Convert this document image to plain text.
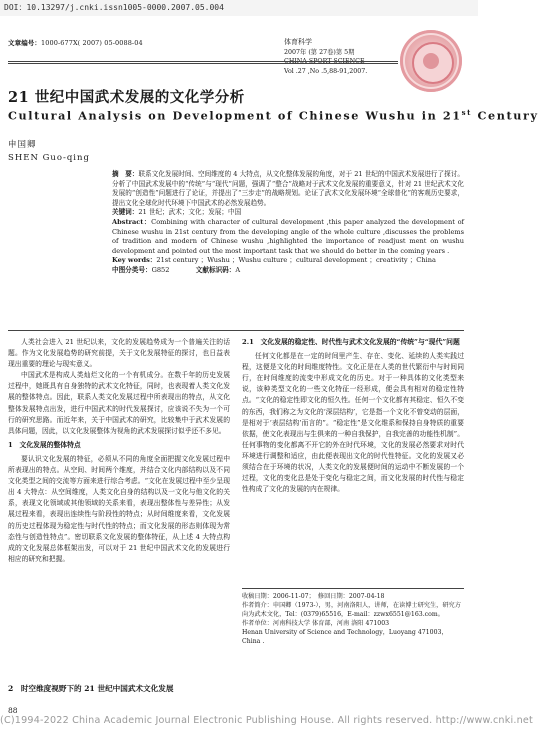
DOI：10.13297/j.cnki.issn1005-0000.2007.05.004
文章编号：1000-677X( 2007) 05-0088-04	体育科学
2007年 (第 27卷)第 5期
CHINA SPORT SCIENCE
Vol .27 ,No .5,88-91,2007.
21 世纪中国武术发展的文化学分析
Cultural Analysis on Development of Chinese Wushu in 21st Century
申国卿
SHEN Guo-qing

摘　要：联系文化发展时间、空间维度的 4 大特点，从文化整体发展的角度，对于 21 世纪的中国武术发展进行了探讨。分析了中国武术发展中的“传统”与“现代”问题，强调了“整合”战略对于武术文化发展的重要意义，针对 21 世纪武术文化发展的“创造性”问题进行了论证，并提出了“三步走”的战略规划。论证了武术文化发展环境“全球普化”的客观历史要求，提出文化全球化时代环境下中国武术的必然发展趋势。

关键词：21 世纪；武术；文化；发展；中国

Abstract：Combining with character of cultural development ,this paper analyzed the development of Chinese wushu in 21st century from the developing angle of the whole culture ,discusses the problems of tradition and modern of Chinese wushu ,highlighted the importance of readjust ment on wushu development and pointed out the most important task that we should do better in the coming years .

Key words：21st century ；Wushu ；Wushu culture ；cultural development ；creativity ；China

中图分类号：G852　　　　	文献标识码：A

人类社会进入 21 世纪以来，文化的发展趋势成为一个普遍关注的话题。作为文化发展趋势的研究前提，关于文化发展特征的探讨，也日益表现出重要的理论与现实意义。

中国武术是构成人类灿烂文化的一个有机成分。在数千年的历史发展过程中，她既具有自身独特的武术文化特征，同时，也表现着人类文化发展的整体特点。因此，联系人类文化发展过程中所表现出的特点，从文化整体发展特点出发，进行中国武术的时代发展探讨，应该说不失为一个可行的研究思路。而近年来，关于中国武术的研究，比较集中于武术发展的具体问题，因此，以文化发展整体为视角的武术发展探讨似乎还不多见。

1　文化发展的整体特点

要认识文化发展的特征，必须从不同的角度全面把握文化发展过程中所表现出的特点。从空间、时间两个维度，并结合文化内部结构以及不同文化类型之间的交流等方面来进行综合考虑。“文化在发展过程中至少呈现出 4 大特点：从空间维度，人类文化自身的结构以及一文化与他文化的关系，表现文化领域或其他领域的关系来看，表现出整体性与差异性；从发展过程来看，表现出连续性与阶段性的特点；从时间维度来看，文化发展的历史过程体现为稳定性与时代性的特点；而文化发展的形态则体现为常态性与创造性特点”。密切联系文化发展的整体特征，从上述 4 大特点构成的文化发展总体框架出发，可以对于 21 世纪中国武术文化的发展进行相应的研究和把握。

2.1　文化发展的稳定性、时代性与武术文化发展的“传统”与“现代”问题

任何文化都是在一定的时间里产生、存在、变化、延续的人类实践过程，这便是文化的时间维度特性。文化正是在人类的世代繁衍中与时间同行，在时间维度的流变中形成文化的历史。对于一种具体的文化类型来说，该种类型文化的一些文化特征一经形成，便会具有相对的稳定性特点。“文化的稳定性即文化的恒久性。任何一个文化都有其稳定、恒久不变的东西，我们称之为文化的‘深层结构’，它是指一个文化不曾变动的层面，是相对于‘表层结构’而言的”。“稳定性”是文化维系和保持自身特质的重要依据，使文化表现出与生俱来的一种自我保护，自我完善的功能性机制”。任何事物的变化都离不开它的外在时代环境，文化的发展必然要求对时代环境进行调整和适应，由此便表现出文化的时代性特征。文化的发展又必须结合在于环境的状况，人类文化的发展便时间的运动中不断发展的一个过程，文化的变化总是处于变化与稳定之间，而文化发展的时代性与稳定性构成了文化的发展的内在规律。

收稿日期：2006-11-07；　修回日期：2007-04-18

作者简介：申国卿（1973-），男，河南洛阳人，讲师，在读博士研究生，研究方向为武术文化，Tel：(0379)65516，E-mail：zzwx6551@163.com。

作者单位：河南科技大学 体育部，河南 洛阳 471003

Henan University of Science and Technology，Luoyang 471003，China .

2　时空维度视野下的 21 世纪中国武术文化发展
88
(C)1994-2022 China Academic Journal Electronic Publishing House. All rights reserved. http://www.cnki.net
